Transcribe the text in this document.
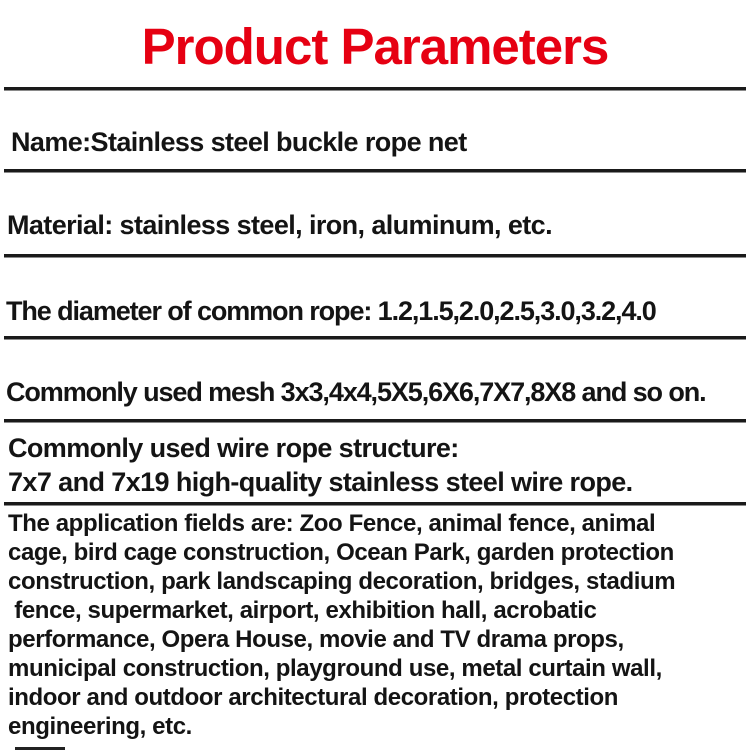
Product Parameters
Name:Stainless steel buckle rope net
Material: stainless steel, iron, aluminum, etc.
The diameter of common rope: 1.2,1.5,2.0,2.5,3.0,3.2,4.0
Commonly used mesh 3x3,4x4,5X5,6X6,7X7,8X8 and so on.
Commonly used wire rope structure:
7x7 and 7x19 high-quality stainless steel wire rope.
The application fields are: Zoo Fence, animal fence, animal
cage, bird cage construction, Ocean Park, garden protection
construction, park landscaping decoration, bridges, stadium
fence, supermarket, airport, exhibition hall, acrobatic
performance, Opera House, movie and TV drama props,
municipal construction, playground use, metal curtain wall,
indoor and outdoor architectural decoration, protection
engineering, etc.
